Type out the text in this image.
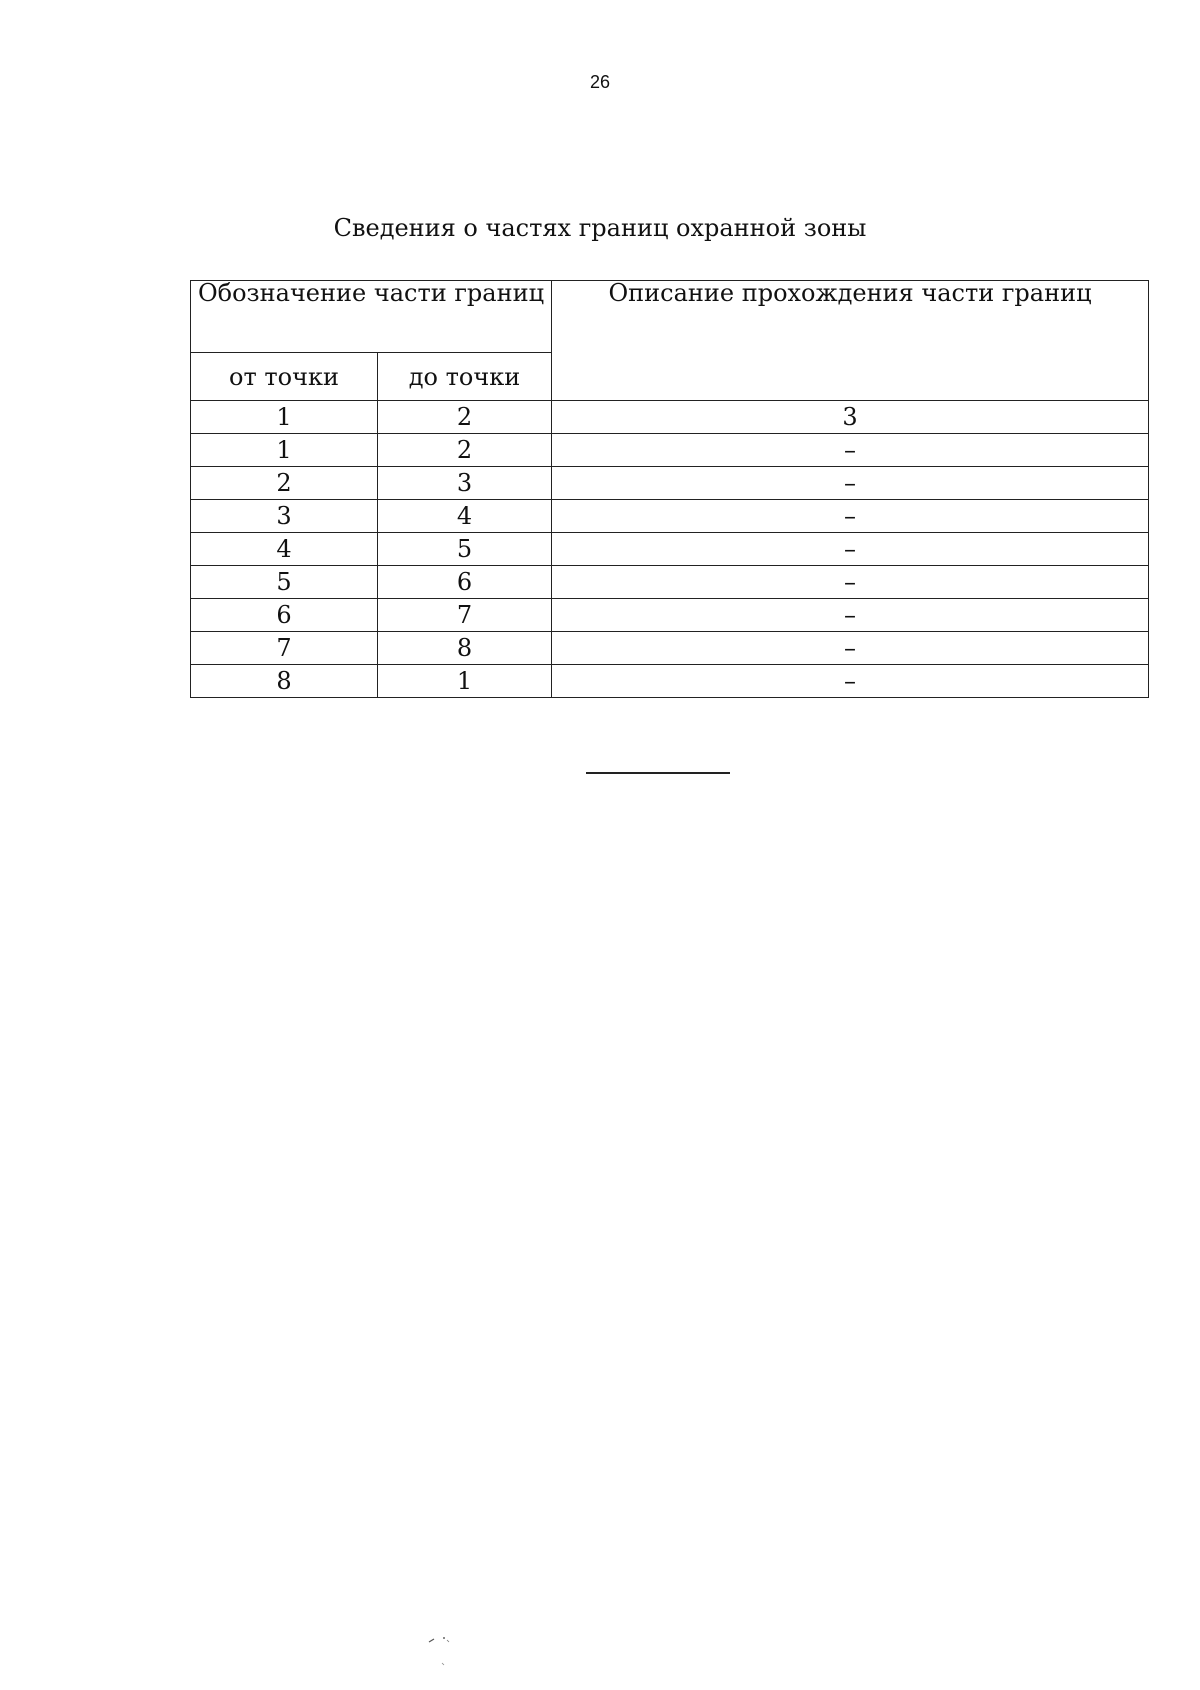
26
Сведения о частях границ охранной зоны
Обозначение части границ		Описание прохождения части границ
от точки	до точки	
1	2	3
1	2	–
2	3	–
3	4	–
4	5	–
5	6	–
6	7	–
7	8	–
8	1	–
